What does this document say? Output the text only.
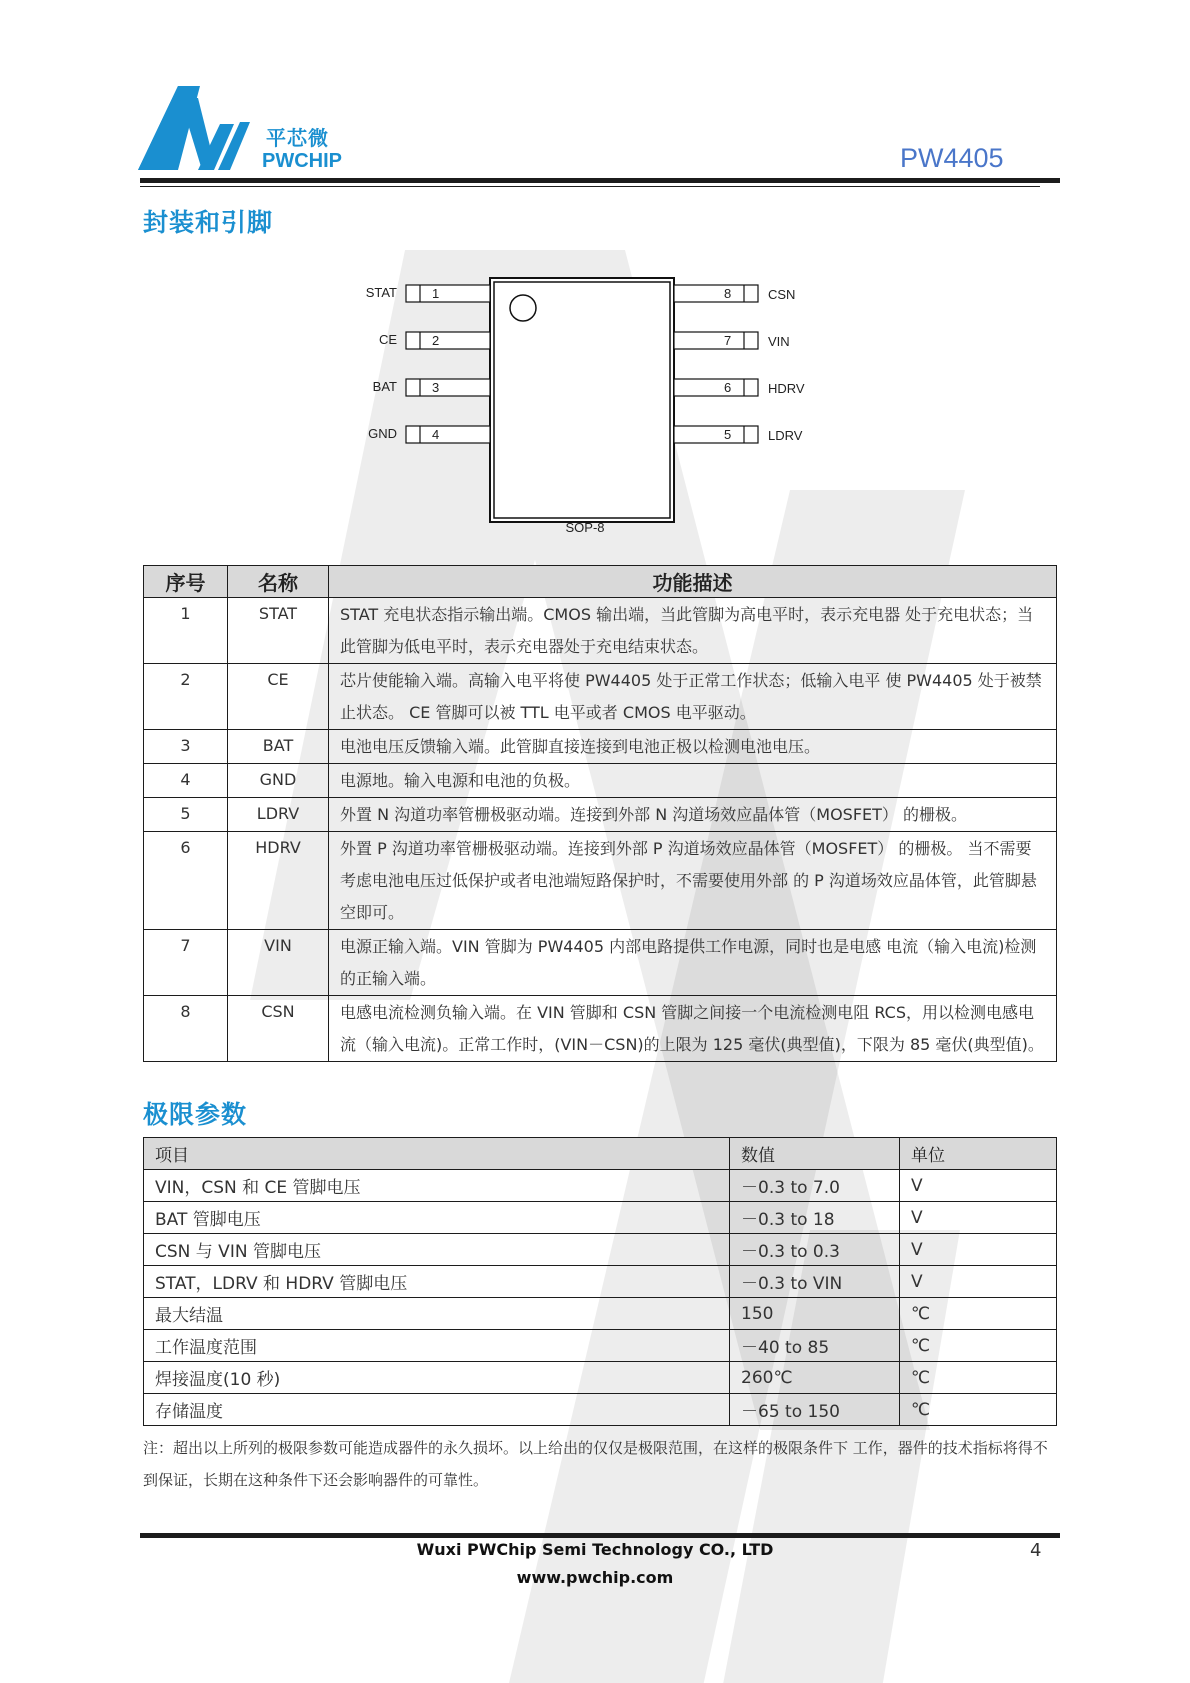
平芯微
PWCHIP	PW4405
封装和引脚
1
STAT
2
CE
3
BAT
4
GND
8	CSN
7	VIN
6	HDRV
5	LDRV
SOP-8
序号	名称	功能描述
1	STAT	STAT 充电状态指示输出端。CMOS 输出端，当此管脚为高电平时，表示充电器 处于充电状态；当此管脚为低电平时，表示充电器处于充电结束状态。
2	CE	芯片使能输入端。高输入电平将使 PW4405 处于正常工作状态；低输入电平 使 PW4405 处于被禁止状态。 CE 管脚可以被 TTL 电平或者 CMOS 电平驱动。
3	BAT	电池电压反馈输入端。此管脚直接连接到电池正极以检测电池电压。
4	GND	电源地。输入电源和电池的负极。
5	LDRV	外置 N 沟道功率管栅极驱动端。连接到外部 N 沟道场效应晶体管（MOSFET） 的栅极。
6	HDRV	外置 P 沟道功率管栅极驱动端。连接到外部 P 沟道场效应晶体管（MOSFET） 的栅极。 当不需要考虑电池电压过低保护或者电池端短路保护时，不需要使用外部 的 P 沟道场效应晶体管，此管脚悬空即可。
7	VIN	电源正输入端。VIN 管脚为 PW4405 内部电路提供工作电源，同时也是电感 电流（输入电流)检测的正输入端。
8	CSN	电感电流检测负输入端。在 VIN 管脚和 CSN 管脚之间接一个电流检测电阻 RCS，用以检测电感电流（输入电流)。正常工作时，(VIN－CSN)的上限为 125 毫伏(典型值)，下限为 85 毫伏(典型值)。
极限参数
项目	数值	单位
VIN，CSN 和 CE 管脚电压	－0.3 to 7.0	V
BAT 管脚电压	－0.3 to 18	V
CSN 与 VIN 管脚电压	－0.3 to 0.3	V
STAT，LDRV 和 HDRV 管脚电压	－0.3 to VIN	V
最大结温	150	℃
工作温度范围	－40 to 85	℃
焊接温度(10 秒)	260℃	℃
存储温度	－65 to 150	℃
注：超出以上所列的极限参数可能造成器件的永久损坏。以上给出的仅仅是极限范围，在这样的极限条件下 工作，器件的技术指标将得不到保证，长期在这种条件下还会影响器件的可靠性。
Wuxi PWChip Semi Technology CO., LTD
www.pwchip.com
4
